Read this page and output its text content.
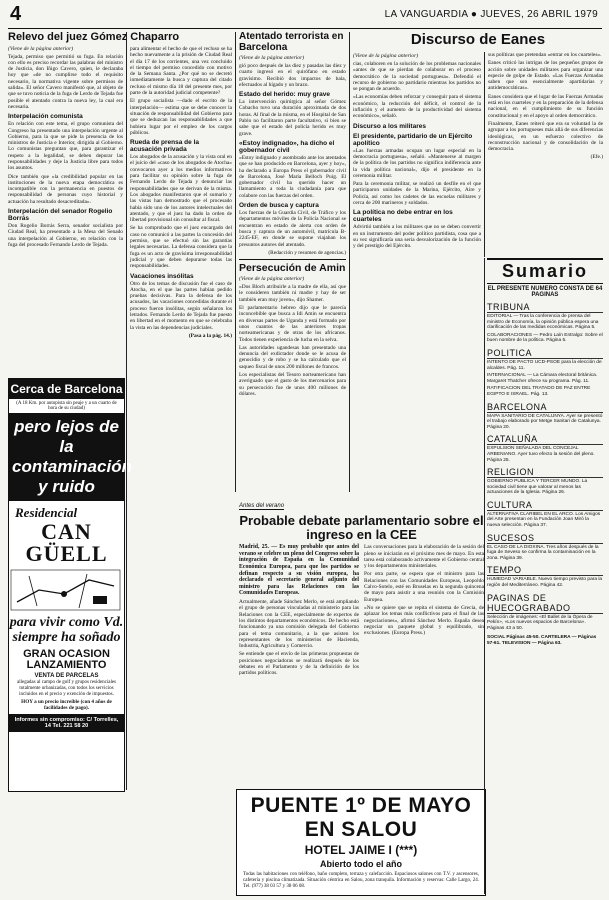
4	LA VANGUARDIA ● JUEVES, 26 ABRIL 1979
Relevo del juez Gómez Chaparro
(Viene de la página anterior)

Tejada, permiso que permitió su fuga. En relación con ello es preciso recordar las palabras del ministro de Justicia, don Iñigo Cavero, quien, le declaraba hoy que «de no cumplirse todo el requisito necesario, la normativa vigente sobre permisos de salida». El señor Cavero manifestó que, al objeto de que se tuvo noticia de la fuga de Lerdo de Tejada fue posible el atentado contra la nueva ley, la cual era necesaria.

Interpelación comunista

En relación con este tema, el grupo comunista del Congreso ha presentado una interpelación urgente al Gobierno, para la que se pide la presencia de los ministros de Justicia e Interior, dirigida al Gobierno. Lo comunistas preguntan que, para garantizar el respeto a la legalidad, se deben depurar las responsabilidades y deje la Justicia libre para todos los asuntos.

Dice también que «la credibilidad popular en las instituciones de la nueva etapa democrática es incompatible con la permanencia en puestos de responsabilidad de personas cuyo historial y actuación ha resultado desacreditada».

Interpelación del senador Rogelio Borrás

Don Rogelio Borrás Serra, senador socialista por Ciudad Real, ha presentado a la Mesa del Senado una interpelación al Gobierno, en relación con la fuga del procesado Fernando Lerdo de Tejada.

Cerca de Barcelona
(A 18 Km. por autopista sin peaje y a un cuarto de hora de su ciudad)
pero lejos de la contaminación y ruido
Residencial
CAN GÜELL
para vivir como Vd. siempre ha soñado
GRAN OCASION LANZAMIENTO
VENTA DE PARCELAS
allegadas al campo de golf y grupos residenciales totalmente urbanizadas, con todos los servicios incluidos en el precio y exención de impuestos.
HOY a un precio increíble (con 4 años de facilidades de pago).
Informes sin compromiso: C/ Torrelles, 14 Tel. 221 58 20

para alimentar el hecho de que el recluso se ha hecho nuevamente a la prisión de Ciudad Real el día 17 de los corrientes, una vez concluido el tiempo del permiso concedido con motivo de la Semana Santa. ¿Por qué no se decretó inmediatamente la busca y captura del citado recluso el mismo día 18 del presente mes, por parte de la autoridad judicial competente?

El grupo socialista —dado el escrito de la interpelación— estima que se debe conocer la situación de responsabilidad del Gobierno para que se deduzcan las responsabilidades a que hubiera lugar por el empleo de los cargos públicos.

Rueda de prensa de la acusación privada

Los abogados de la acusación y la vista oral en el juicio del «caso de los abogados de Atocha» convocaron ayer a los medios informativos para facilitar su opinión sobre la fuga de Fernando Lerdo de Tejada y denunciar las responsabilidades que se derivan de la misma. Los abogados manifestaron que el sumario y las vistas han demostrado que el procesado había sido uno de los autores intelectuales del atentado, y que el juez ha dado la orden de libertad provisional sin consultar al fiscal.

Se ha comprobado que el juez encargado del caso no comunicó a las partes la concesión del permiso, que se efectuó sin las garantías legales necesarias. La defensa considera que la fuga es un acto de gravísima irresponsabilidad judicial y que deben depurarse todas las responsabilidades.

Vacaciones insólitas

Otro de los temas de discusión fue el caso de Atocha, en el que las partes habían pedido pruebas decisivas. Para la defensa de los acusados, las vacaciones concedidas durante el proceso fueron insólitas, según señalaron los letrados. Fernando Lerdo de Tejada fue puesto en libertad en el momento en que se celebraba la vista en las dependencias judiciales.

(Pasa a la pág. 14.)

Atentado terrorista en Barcelona
(Viene de la página anterior)

gió poco después de las diez y pasadas las diez y cuarto ingresó en el quirófano en estado gravísimo. Recibió dos impactos de bala, efectuados al hígado y un brazo.

Estado del herido: muy grave

La intervención quirúrgica al señor Gómez Cobacho tuvo una duración aproximada de dos horas. Al final de la misma, en el Hospital de San Pablo no facilitaron parte facultativo, si bien se sabe que el estado del policía herido es muy grave.

«Estoy indignado», ha dicho el gobernador civil

«Estoy indignado y asombrado ante los atentados que se han producido en Barcelona, ayer y hoy», ha declarado a Europa Press el gobernador civil de Barcelona, José María Belloch Puig. El gobernador civil ha querido hacer un llamamiento a toda la ciudadanía para que colabore con las fuerzas del orden.

Orden de busca y captura

Los fuerzas de la Guardia Civil, de Tráfico y los departamentos móviles de la Policía Nacional se encuentran en estado de alerta con orden de busca y captura de un automóvil, matrícula B-2245-EF, en donde se supone viajaban los presuntos autores del atentado.

(Redacción y resumen de agencias.)

Persecución de Amin
(Viene de la página anterior)

«Dos Bloch atribuirle a la madre de ella, así que le consideren también ni madre y hay de ser también eran muy joven», dijo Shamer.

El parlamentario hebreo dijo que le parecía inconcebible que busca a Idi Amin se encuentra en diversas partes de Uganda y está formado por unos cuantos de las anteriores tropas norteamericanas y de otras de los africanos. Todos tienen experiencia de lucha en la selva.

Las autoridades ugandesas han presentado una denuncia del exdictador donde se le acusa de genocidio y de robo y se ha calculado que el saqueo fiscal de unos 200 millones de francos.

Los especialistas del Tesoro norteamericano han averiguado que el gasto de los mercenarios para su persecución fue de unos 400 millones de dólares.

Discurso de Eanes
(Viene de la página anterior)

cias, colaboren en la solución de los problemas nacionales «antes de que se pierdan de colaborar en el proceso democrático de la sociedad portuguesa». Defendió el recurso de gobierno no partidario mientras los partidos no se pongan de acuerdo.

«Las economías deben reforzar y conseguir para el sistema económico, la reducción del déficit, el control de la inflación y el aumento de la productividad del sistema económico», señaló.

Discurso a los militares
El presidente, partidario de un Ejército apolítico

«Las fuerzas armadas ocupan un lugar especial en la democracia portuguesa», señaló. «Mantenerse al margen de la política de los partidos no significa indiferencia ante la vida política nacional», dijo el presidente en la ceremonia militar.

Para la ceremonia militar, se realizó un desfile en el que participaron unidades de la Marina, Ejército, Aire y Policía, así como los cadetes de las escuelas militares y cerca de 200 marineros y soldados.

La política no debe entrar en los cuarteles

Advirtió también a los militares que no se deben convertir en un instrumento del poder político partidista, cosa que a su vez significaría una seria desvalorización de la función y del prestigio del Ejército.

sus políticas que pretendan «entrar en los cuarteles».

Eanes criticó las intrigas de los pequeños grupos de acción sobre unidades militares para organizar una especie de golpe de Estado. «Las Fuerzas Armadas saben que son esencialmente apartidarias y antidemocráticas».

Eanes considera que el lugar de las Fuerzas Armadas está en los cuarteles y en la preparación de la defensa nacional, en el cumplimiento de su función constitucional y en el apoyo al orden democrático.

Finalmente, Eanes reiteró que era su voluntad la de agrupar a los portugueses más allá de sus diferencias ideológicas, en un esfuerzo colectivo de reconstrucción nacional y de consolidación de la democracia.

(Efe.)

Antes del verano
Probable debate parlamentario sobre el ingreso en la CEE

Madrid, 25. — Es muy probable que antes del verano se celebre un pleno del Congreso sobre la integración de España en la Comunidad Económica Europea, para que los partidos se definan respecto a su visión europea, ha declarado el secretario general adjunto del ministro para las Relaciones con las Comunidades Europeas.

Actualmente, añade Sánchez Merlo, se está ampliando el grupo de personas vinculadas al ministerio para las Relaciones con la CEE, especialmente de expertos de los distintos departamentos económicos. De hecho está funcionando ya una comisión delegada del Gobierno para el tema comunitario, a la que asisten los representantes de los ministerios de Hacienda, Industria, Agricultura y Comercio.

Se entiende que el envío de las primeras propuestas de posiciones negociadoras se realizará después de los debates en el Parlamento y de la definición de los partidos políticos.

Las conversaciones para la elaboración de la sesión del pleno se iniciarán en el próximo mes de mayo. En esta tarea está colaborando activamente el Gobierno central y los departamentos ministeriales.

Por otra parte, se espera que el ministro para las Relaciones con las Comunidades Europeas, Leopoldo Calvo-Sotelo, esté en Bruselas en la segunda quincena de mayo para asistir a una reunión con la Comisión Europea.

«No se quiere que se repita el sistema de Grecia, de aplazar los temas más conflictivos para el final de las negociaciones», afirmó Sánchez Merlo. España desea negociar un paquete global y equilibrado, sin exclusiones. (Europa Press.)

PUENTE 1º DE MAYO EN SALOU
HOTEL JAIME I (***)
Abierto todo el año
Todas las habitaciones con teléfono, baño completo, terraza y calefacción. Espaciosos salones con T.V. y ascensores, cafetería y piscina climatizada. Situación céntrica en Salou, zona tranquila. Información y reservas: Calle Largo, 24. Tel. (977) 38 03 57 y 38 06 08.
Sumario
EL PRESENTE NUMERO CONSTA DE 64 PAGINAS
TRIBUNA
EDITORIAL — Tras la conferencia de prensa del ministro de Economía, la opinión pública espera una clarificación de las medidas económicas. Página 5.
COLABORACIONES — Pedro Laín Entralgo: Sobre el buen nombre de la política. Página 5.
POLITICA
INTENTO DE PACTO UCD-PSOE para la elección de alcaldes. Pág. 11.
INTERNACIONAL — La Cámara electoral británica. Margaret Thatcher ofrece su programa. Pág. 11.
RATIFICACION DEL TRATADO DE PAZ ENTRE EGIPTO E ISRAEL. Pág. 13.
BARCELONA
MAPA SANITARIO DE CATALUNYA. Ayer se presentó el trabajo elaborado por Metge Sanitari de Catalunya. Página 20.
CATALUÑA
EXPULSION SEÑALADA DEL CONCEJAL ARBENIANO. Ayer tuvo efecto la sesión del pleno. Página 25.
RELIGION
GOBIERNO PUBLICA Y TERCER MUNDO. La sociedad civil tiene que valorar al menos las actuaciones de la Iglesia. Página 26.
CULTURA
ALTERNATIVA CLARIBEL EN EL ARCO. Los Amigos del Arte presentan en la Fundación Joan Miró la nueva selección. Página 37.
SUCESOS
EL CASO DE LA DIOXINA. Tres años después de la fuga de Seveso se confirma la contaminación en la zona. Página 39.
TEMPO
HUMEDAD VARIABLE. Nuevo tiempo previsto para la región del Mediterráneo. Página 42.
PAGINAS DE HUECOGRABADO
Selección de imágenes: «El Ballet de la Ópera de Pekín», «Los nuevos espacios de Barcelona». Páginas 43 a 50.
SOCIAL Páginas 45-50. CARTELERA — Páginas 57-61. TELEVISION — Página 63.
